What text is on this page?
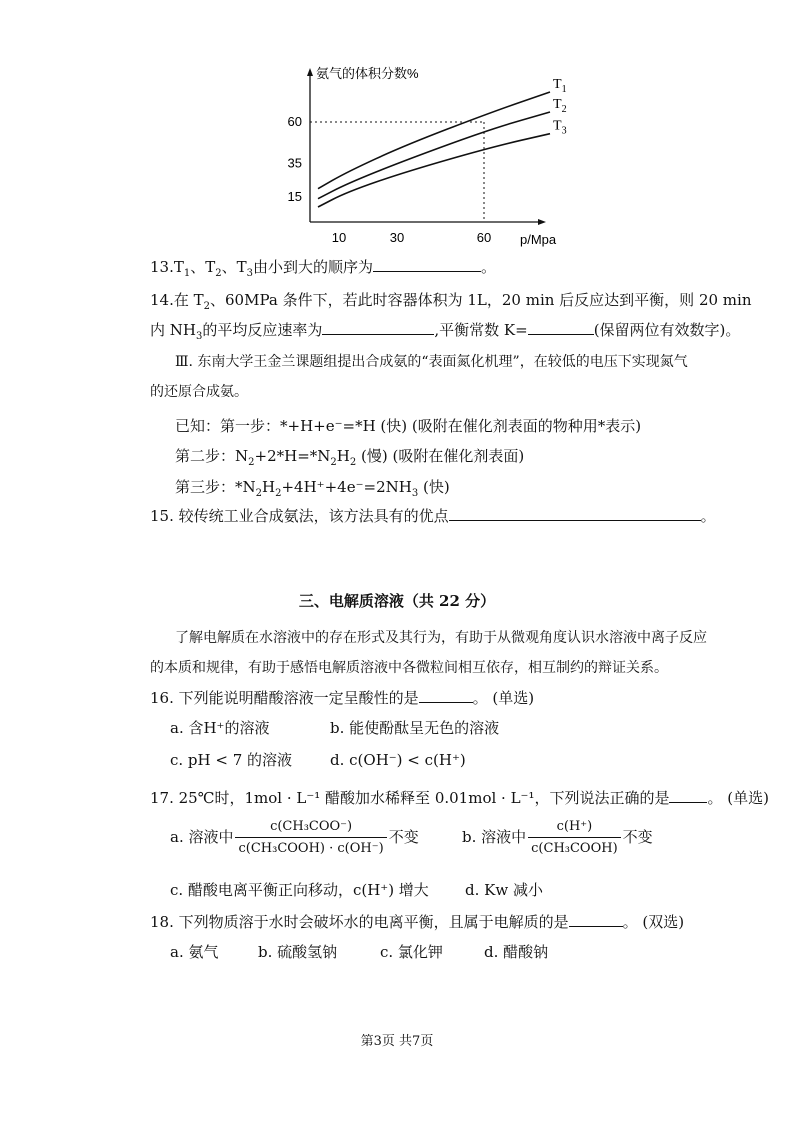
氨气的体积分数%
10	30	60
15
35
60
$T_1$
$T_2$
$T_3$
p/Mpa
$13.T_1$、$T_2$、$T_3$由小到大的顺序为	。
14.在 $T_2$、60MPa 条件下，若此时容器体积为 1L，20 min 后反应达到平衡，则 20 min
内 $NH_3$的平均反应速率为	,平衡常数 K=	(保留两位有效数字)。
Ⅲ. 东南大学王金兰课题组提出合成氨的“表面氮化机理”，在较低的电压下实现氮气
的还原合成氨。
已知：第一步：*+H+e⁻=*H (快) (吸附在催化剂表面的物种用*表示)
第二步：$N_2+2*H=*N_2H_2$ (慢) (吸附在催化剂表面)
第三步：$*N_2H_2+4H^++4e^-=2NH_3$ (快)
15. 较传统工业合成氨法，该方法具有的优点	。
三、电解质溶液（共 22 分）
了解电解质在水溶液中的存在形式及其行为，有助于从微观角度认识水溶液中离子反应
的本质和规律，有助于感悟电解质溶液中各微粒间相互依存，相互制约的辩证关系。
16. 下列能说明醋酸溶液一定呈酸性的是	。 (单选)
a. 含H⁺的溶液	b. 能使酚酞呈无色的溶液
c. pH < 7 的溶液	d. c(OH⁻) < c(H⁺)
17. 25℃时，1mol · L⁻¹ 醋酸加水稀释至 0.01mol · L⁻¹，下列说法正确的是	。 (单选)
a. 溶液中 $\frac{\text{c(CH₃COO⁻)}}{\text{c(CH₃COOH) · c(OH⁻)}}$ 不变	b. 溶液中 $\frac{c(H^+)}{\text{c(CH₃COOH)}}$ 不变
c. 醋酸电离平衡正向移动，c(H⁺) 增大 d. Kw 减小
18. 下列物质溶于水时会破坏水的电离平衡，且属于电解质的是	。 (双选)
a. 氨气	b. 硫酸氢钠	c. 氯化钾	d. 醋酸钠
第3页 共7页
